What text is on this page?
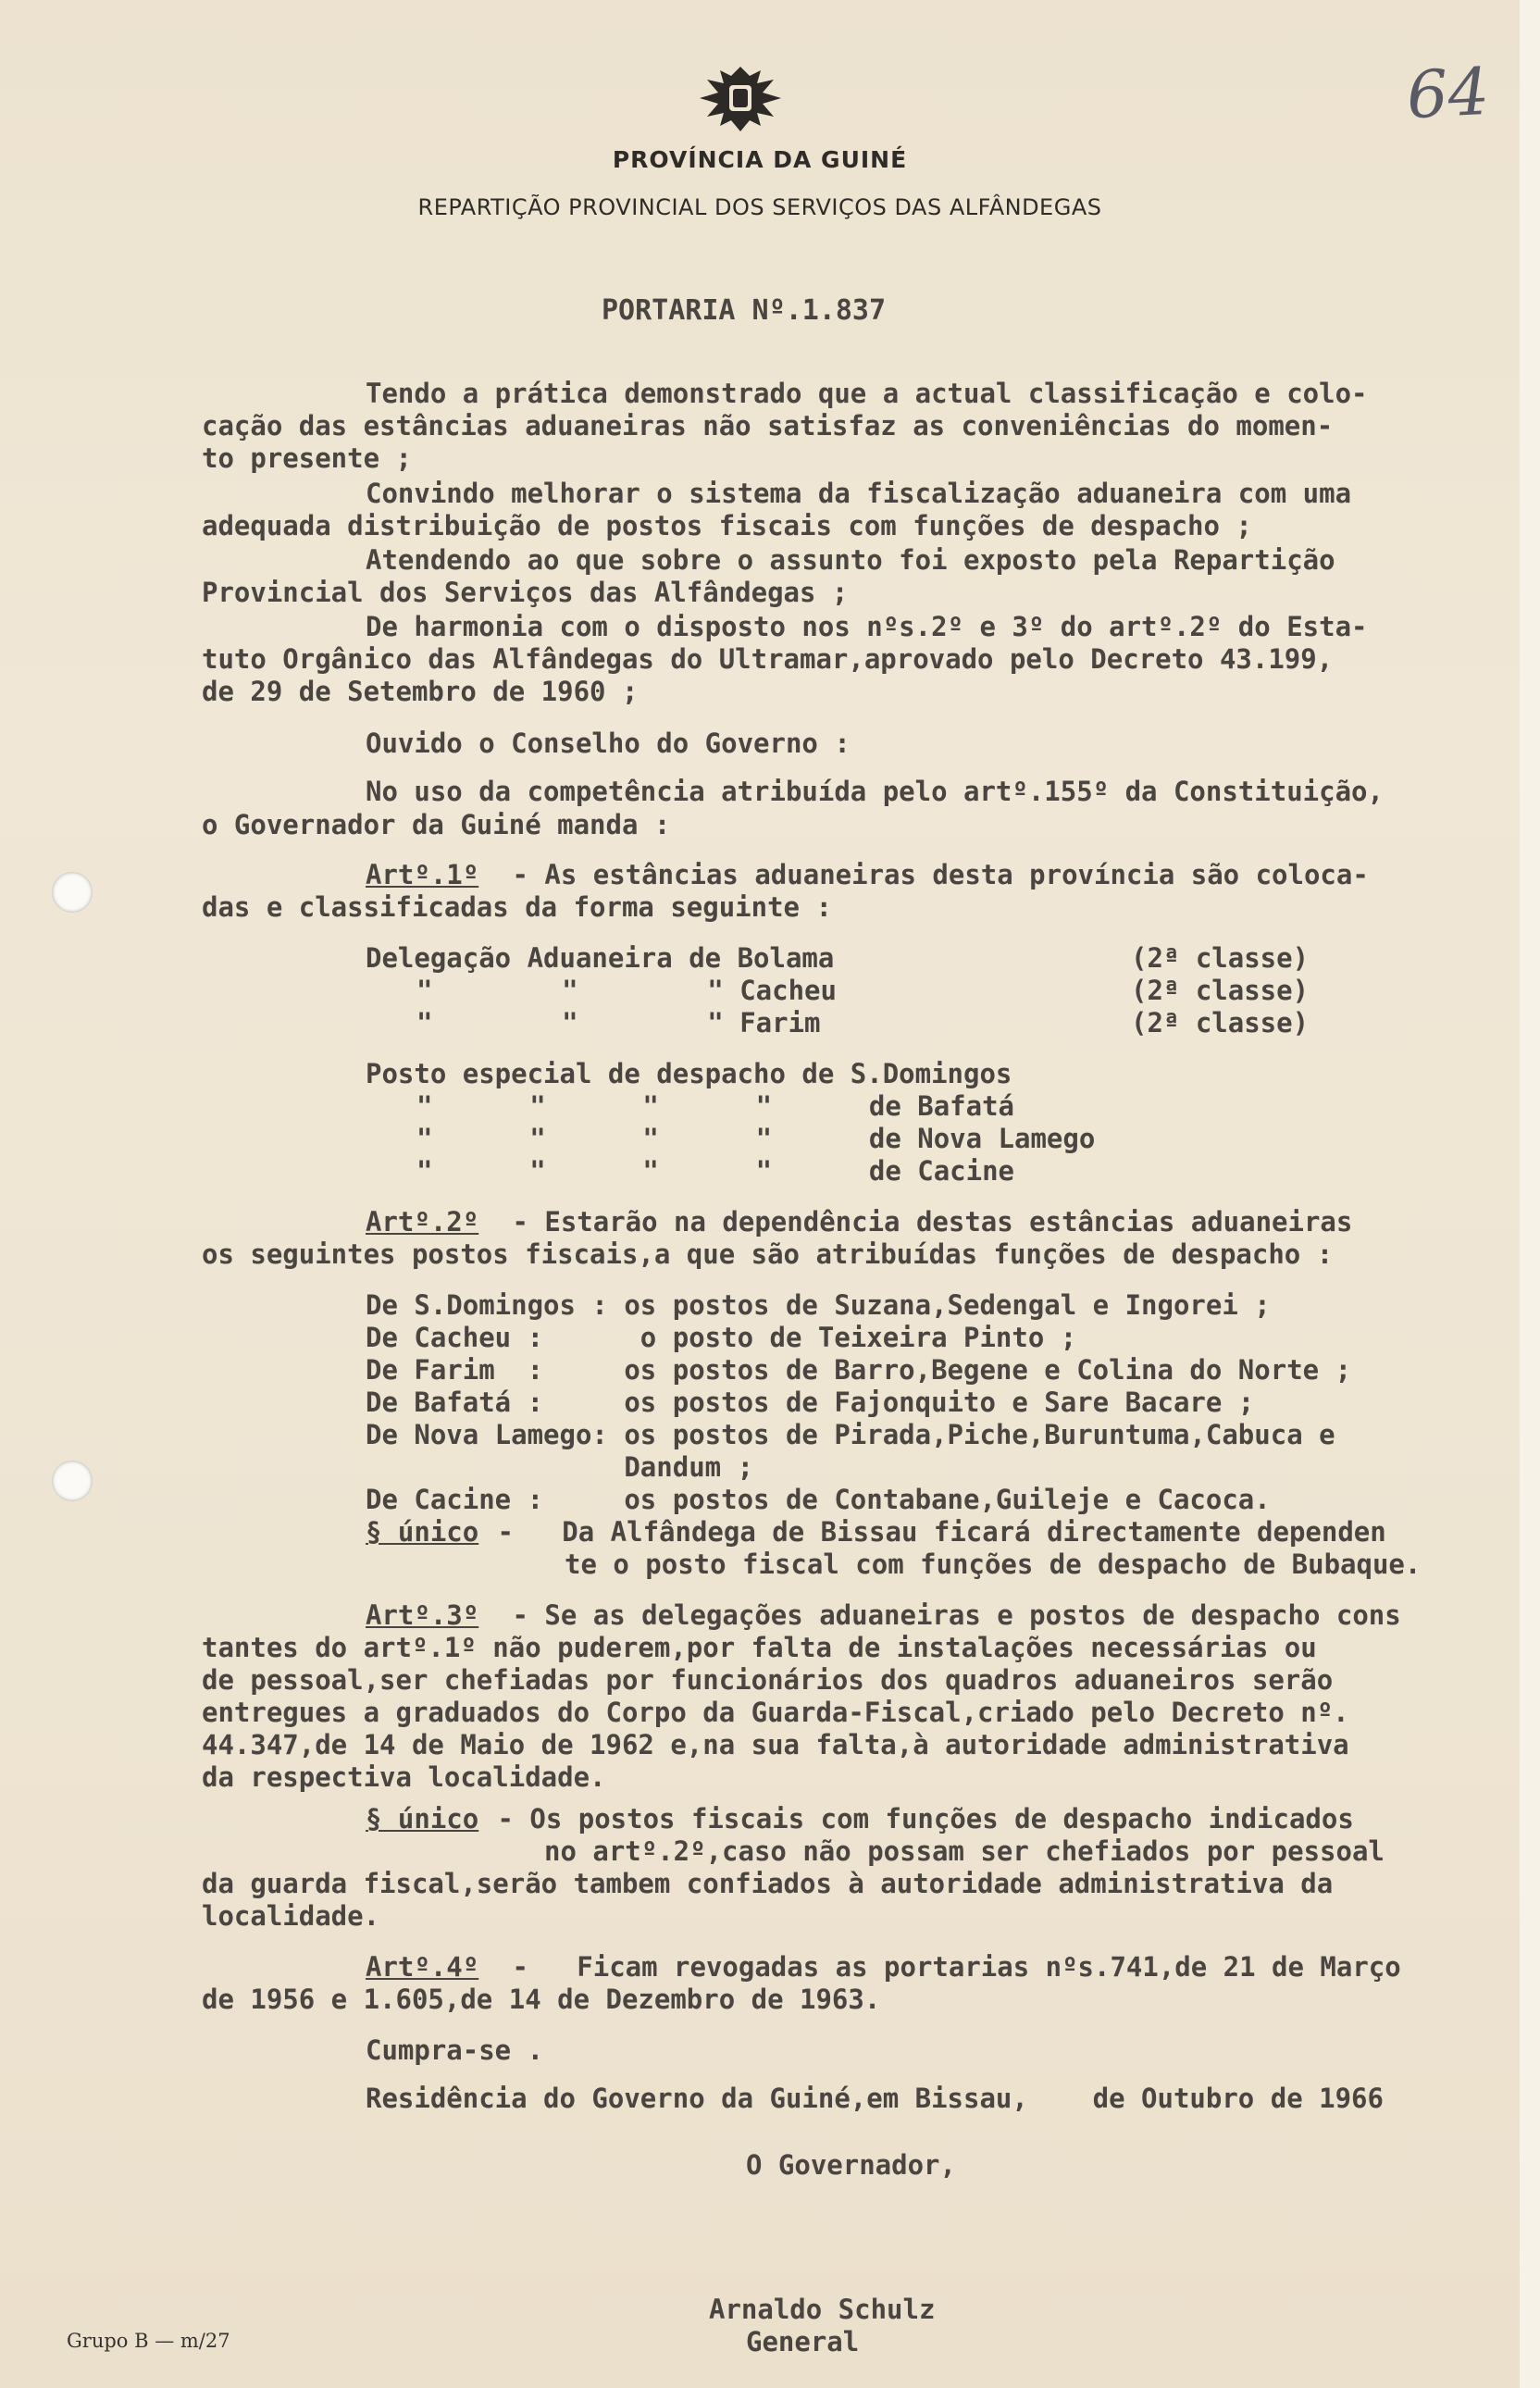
PROVÍNCIA DA GUINÉ
REPARTIÇÃO PROVINCIAL DOS SERVIÇOS DAS ALFÂNDEGAS
64
PORTARIA Nº.1.837
Tendo a prática demonstrado que a actual classificação e colo-
cação das estâncias aduaneiras não satisfaz as conveniências do momen-
to presente ;
Convindo melhorar o sistema da fiscalização aduaneira com uma
adequada distribuição de postos fiscais com funções de despacho ;
Atendendo ao que sobre o assunto foi exposto pela Repartição
Provincial dos Serviços das Alfândegas ;
De harmonia com o disposto nos nºs.2º e 3º do artº.2º do Esta-
tuto Orgânico das Alfândegas do Ultramar,aprovado pelo Decreto 43.199,
de 29 de Setembro de 1960 ;
Ouvido o Conselho do Governo :
No uso da competência atribuída pelo artº.155º da Constituição,
o Governador da Guiné manda :
Artº.1º - As estâncias aduaneiras desta província são coloca-
das e classificadas da forma seguinte :
Delegação Aduaneira de Bolama	(2ª classe)
"        "        " Cacheu	(2ª classe)
"        "        " Farim	(2ª classe)
Posto especial de despacho de S.Domingos
"      "      "      "      de Bafatá
"      "      "      "      de Nova Lamego
"      "      "      "      de Cacine
Artº.2º - Estarão na dependência destas estâncias aduaneiras
os seguintes postos fiscais,a que são atribuídas funções de despacho :
De S.Domingos : os postos de Suzana,Sedengal e Ingorei ;
De Cacheu :      o posto de Teixeira Pinto ;
De Farim  :     os postos de Barro,Begene e Colina do Norte ;
De Bafatá :     os postos de Fajonquito e Sare Bacare ;
De Nova Lamego: os postos de Pirada,Piche,Buruntuma,Cabuca e
Dandum ;
De Cacine :     os postos de Contabane,Guileje e Cacoca.
§ único -   Da Alfândega de Bissau ficará directamente dependen
te o posto fiscal com funções de despacho de Bubaque.
Artº.3º - Se as delegações aduaneiras e postos de despacho cons
tantes do artº.1º não puderem,por falta de instalações necessárias ou
de pessoal,ser chefiadas por funcionários dos quadros aduaneiros serão
entregues a graduados do Corpo da Guarda-Fiscal,criado pelo Decreto nº.
44.347,de 14 de Maio de 1962 e,na sua falta,à autoridade administrativa
da respectiva localidade.
§ único - Os postos fiscais com funções de despacho indicados
no artº.2º,caso não possam ser chefiados por pessoal
da guarda fiscal,serão tambem confiados à autoridade administrativa da
localidade.
Artº.4º -   Ficam revogadas as portarias nºs.741,de 21 de Março
de 1956 e 1.605,de 14 de Dezembro de 1963.
Cumpra-se .
Residência do Governo da Guiné,em Bissau,    de Outubro de 1966
O Governador,
Arnaldo Schulz
General
Grupo B — m/27
